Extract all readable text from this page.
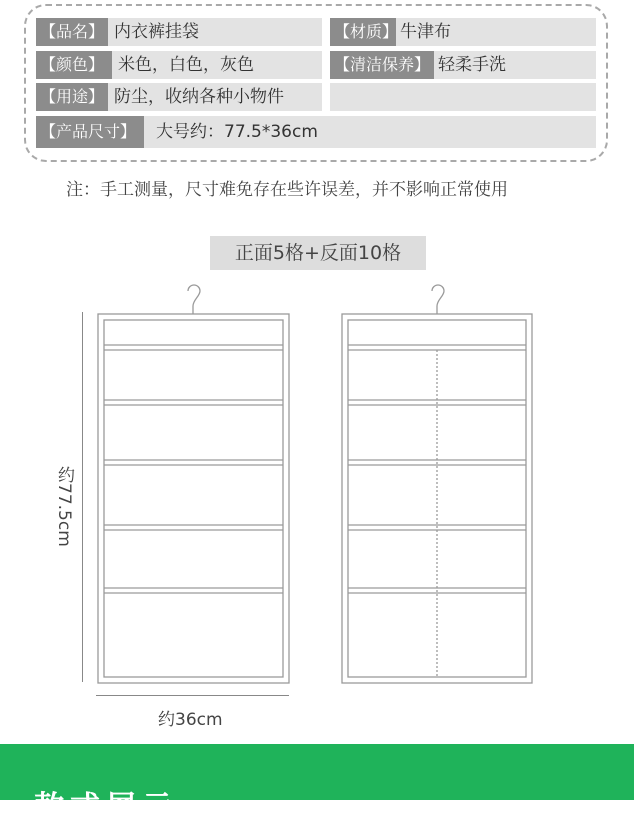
【品名】 内衣裤挂袋	【材质】 牛津布
【颜色】 米色，白色，灰色	【清洁保养】 轻柔手洗
【用途】 防尘，收纳各种小物件
【产品尺寸】	大号约：77.5*36cm
注：手工测量，尺寸难免存在些许误差，并不影响正常使用
正面5格+反面10格
约77.5cm
约36cm
款式展示
